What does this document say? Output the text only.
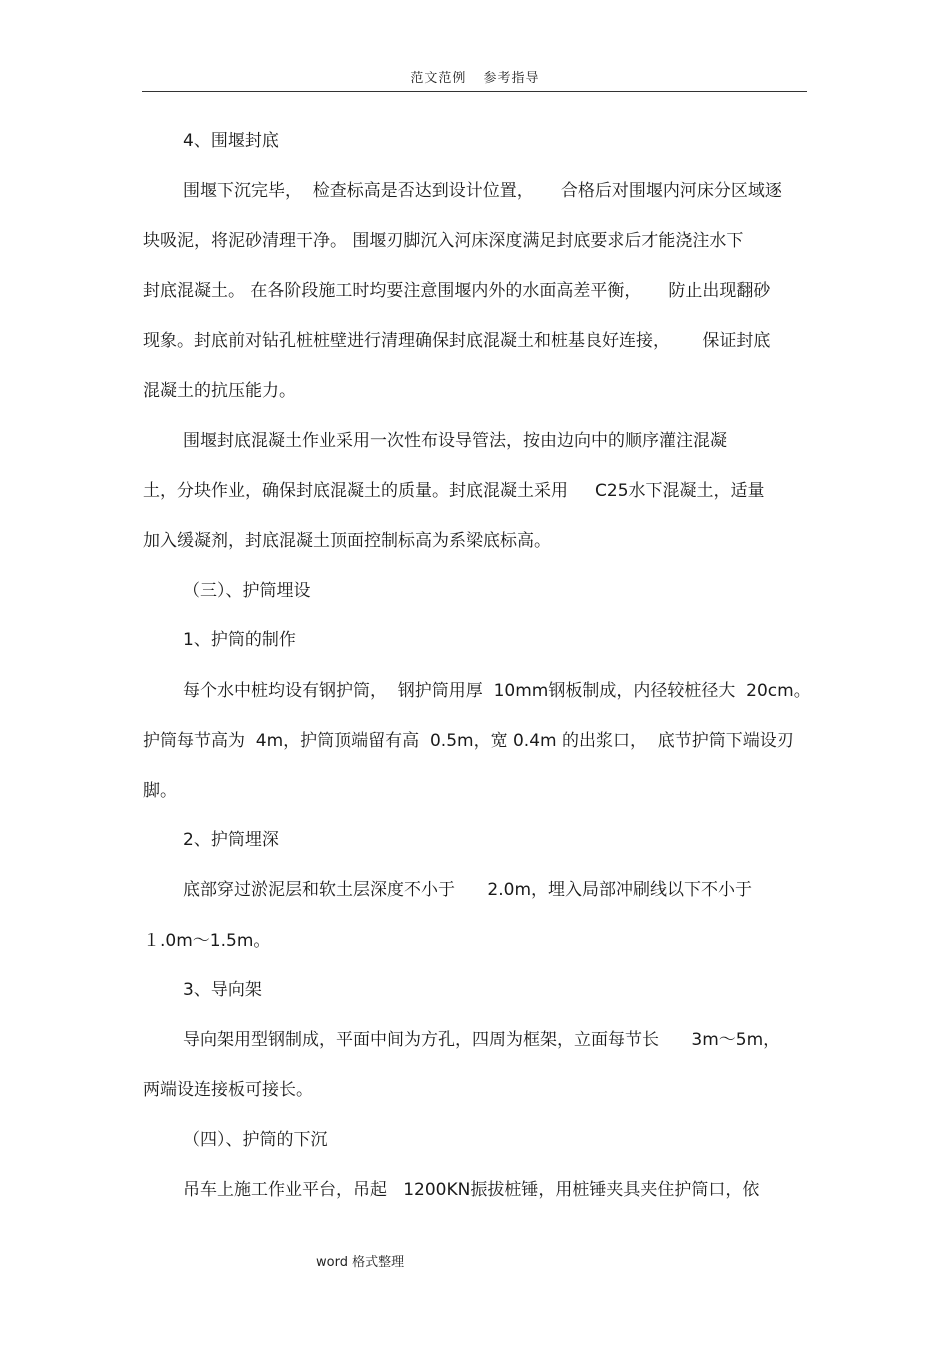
范文范例 参考指导
4、围堰封底
围堰下沉完毕，  检查标高是否达到设计位置，     合格后对围堰内河床分区域逐
块吸泥，将泥砂清理干净。 围堰刃脚沉入河床深度满足封底要求后才能浇注水下
封底混凝土。 在各阶段施工时均要注意围堰内外的水面高差平衡，     防止出现翻砂
现象。封底前对钻孔桩桩壁进行清理确保封底混凝土和桩基良好连接，      保证封底
混凝土的抗压能力。
围堰封底混凝土作业采用一次性布设导管法，按由边向中的顺序灌注混凝
土，分块作业，确保封底混凝土的质量。封底混凝土采用     C25水下混凝土，适量
加入缓凝剂，封底混凝土顶面控制标高为系梁底标高。
（三）、护筒埋设
1、护筒的制作
每个水中桩均设有钢护筒，  钢护筒用厚  10mm钢板制成，内径较桩径大  20cm。
护筒每节高为  4m，护筒顶端留有高  0.5m，宽 0.4m 的出浆口，  底节护筒下端设刃
脚。
2、护筒埋深
底部穿过淤泥层和软土层深度不小于      2.0m，埋入局部冲刷线以下不小于
１.0m～1.5m。
3、导向架
导向架用型钢制成，平面中间为方孔，四周为框架，立面每节长      3m～5m，
两端设连接板可接长。
（四）、护筒的下沉
吊车上施工作业平台，吊起   1200KN振拔桩锤，用桩锤夹具夹住护筒口，依
word 格式整理
